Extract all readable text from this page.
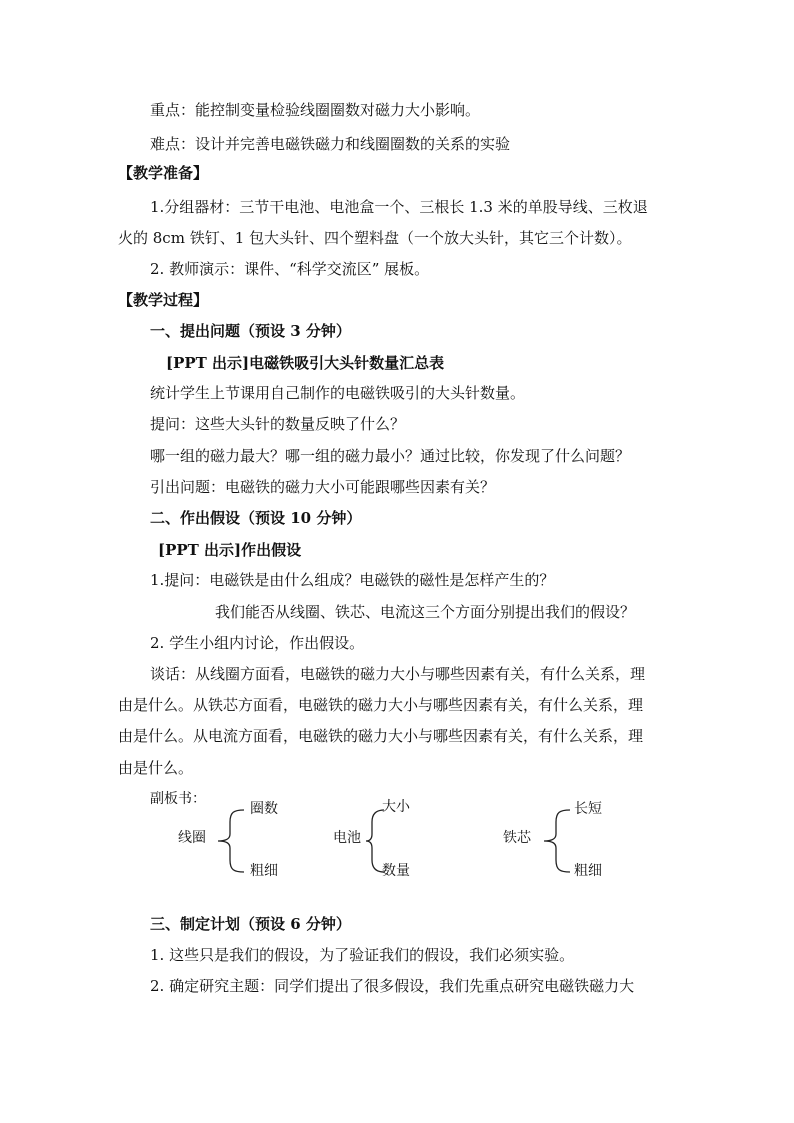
重点：能控制变量检验线圈圈数对磁力大小影响。
难点：设计并完善电磁铁磁力和线圈圈数的关系的实验
【教学准备】
1.分组器材：三节干电池、电池盒一个、三根长 1.3 米的单股导线、三枚退
火的 8cm 铁钉、1 包大头针、四个塑料盘（一个放大头针，其它三个计数）。
2. 教师演示：课件、“科学交流区” 展板。
【教学过程】
一、提出问题（预设 3 分钟）
[PPT 出示]电磁铁吸引大头针数量汇总表
统计学生上节课用自己制作的电磁铁吸引的大头针数量。
提问：这些大头针的数量反映了什么？
哪一组的磁力最大？哪一组的磁力最小？通过比较，你发现了什么问题？
引出问题：电磁铁的磁力大小可能跟哪些因素有关？
二、作出假设（预设 10 分钟）
[PPT 出示]作出假设
1.提问：电磁铁是由什么组成？电磁铁的磁性是怎样产生的？
我们能否从线圈、铁芯、电流这三个方面分别提出我们的假设？
2. 学生小组内讨论，作出假设。
谈话：从线圈方面看，电磁铁的磁力大小与哪些因素有关，有什么关系，理
由是什么。从铁芯方面看，电磁铁的磁力大小与哪些因素有关，有什么关系，理
由是什么。从电流方面看，电磁铁的磁力大小与哪些因素有关，有什么关系，理
由是什么。
副板书：
线圈
圈数
粗细
电池
大小
数量
铁芯
长短
粗细
三、制定计划（预设 6 分钟）
1. 这些只是我们的假设，为了验证我们的假设，我们必须实验。
2. 确定研究主题：同学们提出了很多假设，我们先重点研究电磁铁磁力大
